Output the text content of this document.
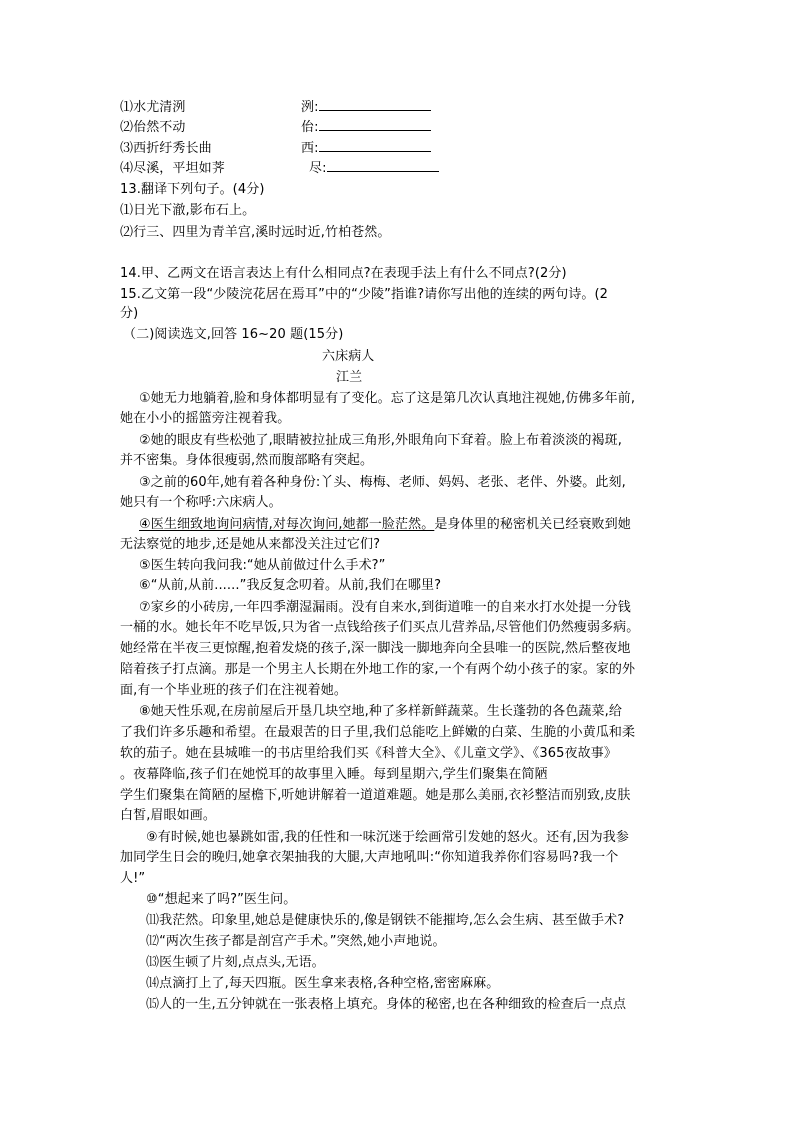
⑴水尤清洌	洌:
⑵佁然不动	佁:
⑶西折纡秀长曲	西:
⑷尽溪，平坦如荠	尽:
13.翻译下列句子。(4分)
⑴日光下澈,影布石上。
⑵行三、四里为青羊宫,溪时远时近,竹柏苍然。
14.甲、乙两文在语言表达上有什么相同点?在表现手法上有什么不同点?(2分)
15.乙文第一段“少陵浣花居在焉耳”中的“少陵”指谁?请你写出他的连续的两句诗。(2
分)
（二)阅读选文,回答 16~20 题(15分)
六床病人
江兰
①她无力地躺着,脸和身体都明显有了变化。忘了这是第几次认真地注视她,仿佛多年前,
她在小小的摇篮旁注视着我。
②她的眼皮有些松弛了,眼睛被拉扯成三角形,外眼角向下耷着。脸上布着淡淡的褐斑,
并不密集。身体很瘦弱,然而腹部略有突起。
③之前的60年,她有着各种身份:丫头、梅梅、老师、妈妈、老张、老伴、外婆。此刻,
她只有一个称呼:六床病人。
④医生细致地询问病情,对每次询问,她都一脸茫然。是身体里的秘密机关已经衰败到她
无法察觉的地步,还是她从来都没关注过它们?
⑤医生转向我问我:“她从前做过什么手术?”
⑥“从前,从前......”我反复念叨着。从前,我们在哪里?
⑦家乡的小砖房,一年四季潮湿漏雨。没有自来水,到街道唯一的自来水打水处提一分钱
一桶的水。她长年不吃早饭,只为省一点钱给孩子们买点儿营养品,尽管他们仍然瘦弱多病。
她经常在半夜三更惊醒,抱着发烧的孩子,深一脚浅一脚地奔向全县唯一的医院,然后整夜地
陪着孩子打点滴。那是一个男主人长期在外地工作的家,一个有两个幼小孩子的家。家的外
面,有一个毕业班的孩子们在注视着她。
⑧她天性乐观,在房前屋后开垦几块空地,种了多样新鲜蔬菜。生长蓬勃的各色蔬菜,给
了我们许多乐趣和希望。在最艰苦的日子里,我们总能吃上鲜嫩的白菜、生脆的小黄瓜和柔
软的茄子。她在县城唯一的书店里给我们买《科普大全》、《儿童文学》、《365夜故事》
。夜幕降临,孩子们在她悦耳的故事里入睡。每到星期六,学生们聚集在简陋
学生们聚集在简陋的屋檐下,听她讲解着一道道难题。她是那么美丽,衣衫整洁而别致,皮肤
白皙,眉眼如画。
⑨有时候,她也暴跳如雷,我的任性和一味沉迷于绘画常引发她的怒火。还有,因为我参
加同学生日会的晚归,她拿衣架抽我的大腿,大声地吼叫:“你知道我养你们容易吗?我一个
人!”
⑩“想起来了吗?”医生问。
⑾我茫然。印象里,她总是健康快乐的,像是钢铁不能摧垮,怎么会生病、甚至做手术?
⑿“两次生孩子都是剖宫产手术。”突然,她小声地说。
⒀医生顿了片刻,点点头,无语。
⒁点滴打上了,每天四瓶。医生拿来表格,各种空格,密密麻麻。
⒂人的一生,五分钟就在一张表格上填充。身体的秘密,也在各种细致的检查后一点点
